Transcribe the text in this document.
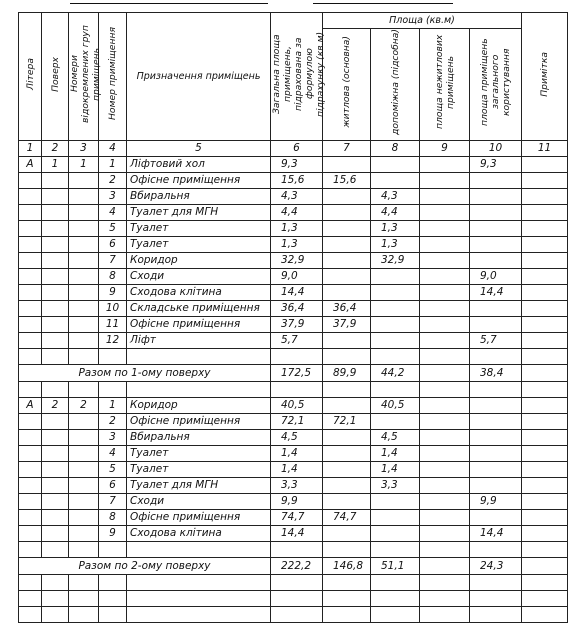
Літера	Поверх	Номери відокремлених груп приміщень	Номер приміщення	Призначення приміщень	Загальна площа приміщень, підрахована за формулою підрахунку (кв.м)	Площа (кв.м)				Примітка
						житлова (основна)	допоміжна (підсобна)	площа нежитлових приміщень	площа приміщень загального користування	
1	2	3	4	5	6	7	8	9	10	11
А	1	1	1	Ліфтовий хол	9,3				9,3	
			2	Офісне приміщення	15,6	15,6				
			3	Вбиральня	4,3		4,3			
			4	Туалет для МГН	4,4		4,4			
			5	Туалет	1,3		1,3			
			6	Туалет	1,3		1,3			
			7	Коридор	32,9		32,9			
			8	Сходи	9,0				9,0	
			9	Сходова клітина	14,4				14,4	
			10	Складське приміщення	36,4	36,4				
			11	Офісне приміщення	37,9	37,9				
			12	Ліфт	5,7				5,7	

Разом по 1-ому поверху					172,5	89,9	44,2		38,4	

А	2	2	1	Коридор	40,5		40,5			
			2	Офісне приміщення	72,1	72,1				
			3	Вбиральня	4,5		4,5			
			4	Туалет	1,4		1,4			
			5	Туалет	1,4		1,4			
			6	Туалет для МГН	3,3		3,3			
			7	Сходи	9,9				9,9	
			8	Офісне приміщення	74,7	74,7				
			9	Сходова клітина	14,4				14,4	

Разом по 2-ому поверху					222,2	146,8	51,1		24,3	
